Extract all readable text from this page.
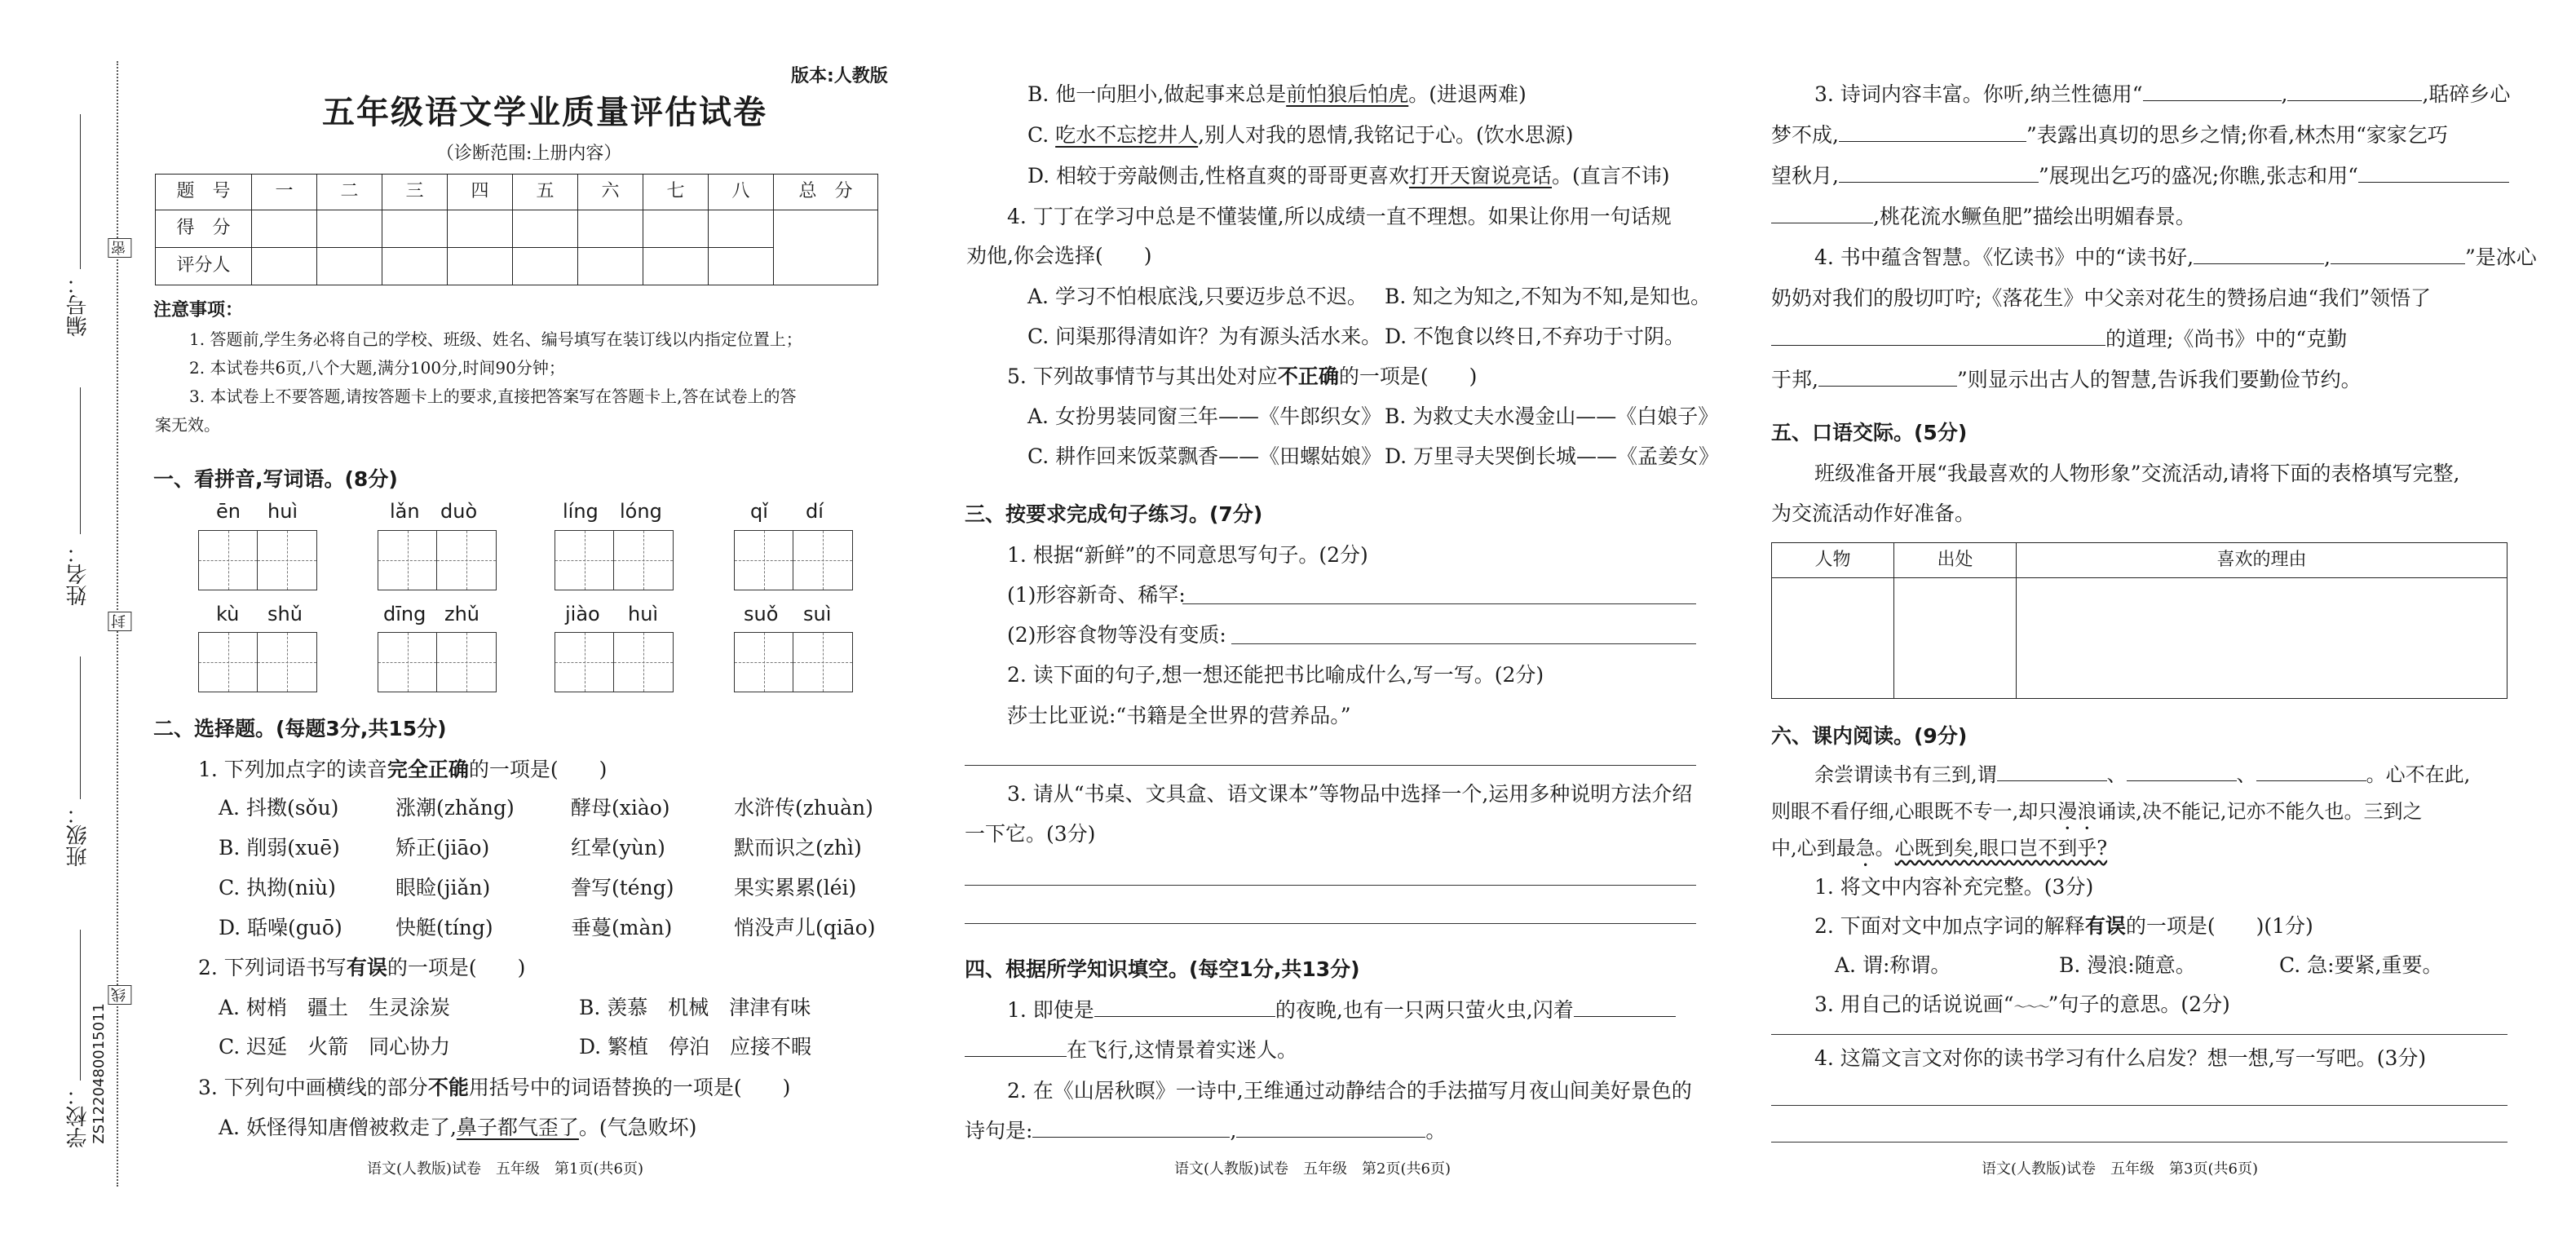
编号：
姓名：
班级：
学校： ZS1220480015011
密
封
线
版本:人教版
五年级语文学业质量评估试卷
（诊断范围:上册内容）
题　号	一	二	三	四	五	六	七	八	总　分
得　分									
评分人									
注意事项：
1. 答题前,学生务必将自己的学校、班级、姓名、编号填写在装订线以内指定位置上；
2. 本试卷共6页,八个大题,满分100分,时间90分钟；
3. 本试卷上不要答题,请按答题卡上的要求,直接把答案写在答题卡上,答在试卷上的答
案无效。
一、看拼音,写词语。(8分)
ēn huì	lǎn duò	líng lóng	qǐ dí
kù shǔ	dīng zhǔ	jiào huì	suǒ suì
二、选择题。(每题3分,共15分)
1. 下列加点字的读音完全正确的一项是(　　)
A. 抖擞(sǒu)	涨潮(zhǎng)	酵母(xiào)	水浒传(zhuàn)
B. 削弱(xuē)	矫正(jiāo)	红晕(yùn)	默而识之(zhì)
C. 执拗(niù)	眼睑(jiǎn)	誊写(téng)	果实累累(léi)
D. 聒噪(guō)	快艇(tíng)	垂蔓(màn)	悄没声儿(qiāo)
2. 下列词语书写有误的一项是(　　)
A. 树梢　疆土　生灵涂炭	B. 羡慕　机械　津津有味
C. 迟延　火箭　同心协力	D. 繁植　停泊　应接不暇
3. 下列句中画横线的部分不能用括号中的词语替换的一项是(　　)
A. 妖怪得知唐僧被救走了,鼻子都气歪了。(气急败坏)
语文(人教版)试卷　五年级　第1页(共6页)
B. 他一向胆小,做起事来总是前怕狼后怕虎。(进退两难)
C. 吃水不忘挖井人,别人对我的恩情,我铭记于心。(饮水思源)
D. 相较于旁敲侧击,性格直爽的哥哥更喜欢打开天窗说亮话。(直言不讳)
4. 丁丁在学习中总是不懂装懂,所以成绩一直不理想。如果让你用一句话规
劝他,你会选择(　　)
A. 学习不怕根底浅,只要迈步总不迟。 B. 知之为知之,不知为不知,是知也。
C. 问渠那得清如许？为有源头活水来。 D. 不饱食以终日,不弃功于寸阴。
5. 下列故事情节与其出处对应不正确的一项是(　　)
A. 女扮男装同窗三年——《牛郎织女》 B. 为救丈夫水漫金山——《白娘子》
C. 耕作回来饭菜飘香——《田螺姑娘》 D. 万里寻夫哭倒长城——《孟姜女》
三、按要求完成句子练习。(7分)
1. 根据“新鲜”的不同意思写句子。(2分)
(1)形容新奇、稀罕:
(2)形容食物等没有变质:
2. 读下面的句子,想一想还能把书比喻成什么,写一写。(2分)
莎士比亚说:“书籍是全世界的营养品。”
3. 请从“书桌、文具盒、语文课本”等物品中选择一个,运用多种说明方法介绍
一下它。(3分)
四、根据所学知识填空。(每空1分,共13分)
1. 即使是	的夜晚,也有一只两只萤火虫,闪着
在飞行,这情景着实迷人。
2. 在《山居秋暝》一诗中,王维通过动静结合的手法描写月夜山间美好景色的
诗句是:	,	。
语文(人教版)试卷　五年级　第2页(共6页)
3. 诗词内容丰富。你听,纳兰性德用“	,	,聒碎乡心
梦不成,	”表露出真切的思乡之情;你看,林杰用“家家乞巧
望秋月,	”展现出乞巧的盛况;你瞧,张志和用“
,桃花流水鳜鱼肥”描绘出明媚春景。
4. 书中蕴含智慧。《忆读书》中的“读书好,	,	”是冰心
奶奶对我们的殷切叮咛;《落花生》中父亲对花生的赞扬启迪“我们”领悟了
的道理;《尚书》中的“克勤
于邦,	”则显示出古人的智慧,告诉我们要勤俭节约。
五、口语交际。(5分)
班级准备开展“我最喜欢的人物形象”交流活动,请将下面的表格填写完整,
为交流活动作好准备。
人物	出处	喜欢的理由

六、课内阅读。(9分)
余尝谓读书有三到,谓	、	、	。心不在此,
则眼不看仔细,心眼既不专一,却只漫浪诵读,决不能记,记亦不能久也。三到之
中,心到最急。心既到矣,眼口岂不到乎?
1. 将文中内容补充完整。(3分)
2. 下面对文中加点字词的解释有误的一项是(　　)(1分)
A. 谓:称谓。	B. 漫浪:随意。	C. 急:要紧,重要。
3. 用自己的话说说画“～～～”句子的意思。(2分)
4. 这篇文言文对你的读书学习有什么启发？想一想,写一写吧。(3分)
语文(人教版)试卷　五年级　第3页(共6页)
